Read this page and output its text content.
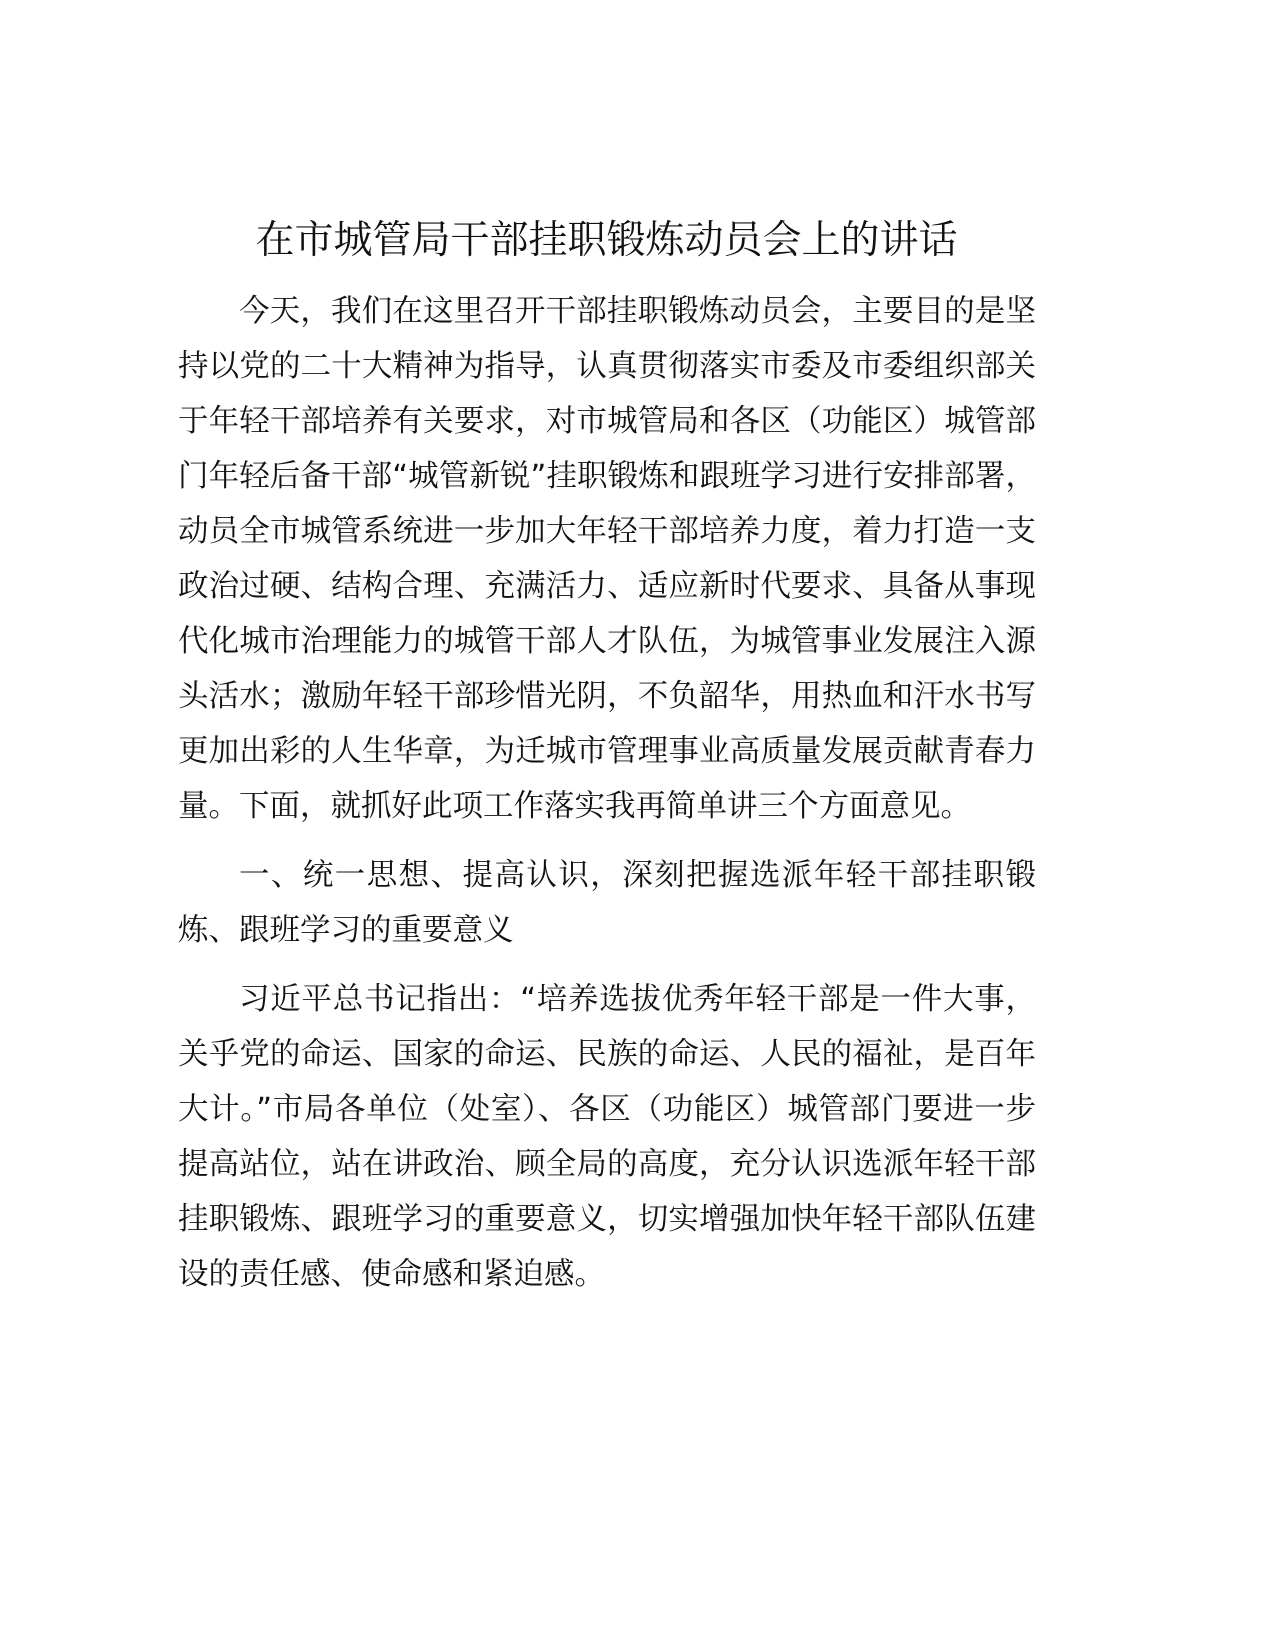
在市城管局干部挂职锻炼动员会上的讲话

今天，我们在这里召开干部挂职锻炼动员会，主要目的是坚持以党的二十大精神为指导，认真贯彻落实市委及市委组织部关于年轻干部培养有关要求，对市城管局和各区（功能区）城管部门年轻后备干部“城管新锐”挂职锻炼和跟班学习进行安排部署，动员全市城管系统进一步加大年轻干部培养力度，着力打造一支政治过硬、结构合理、充满活力、适应新时代要求、具备从事现代化城市治理能力的城管干部人才队伍，为城管事业发展注入源头活水；激励年轻干部珍惜光阴，不负韶华，用热血和汗水书写更加出彩的人生华章，为迁城市管理事业高质量发展贡献青春力量。下面，就抓好此项工作落实我再简单讲三个方面意见。

一、统一思想、提高认识，深刻把握选派年轻干部挂职锻炼、跟班学习的重要意义

习近平总书记指出：“培养选拔优秀年轻干部是一件大事，关乎党的命运、国家的命运、民族的命运、人民的福祉，是百年大计。”市局各单位（处室）、各区（功能区）城管部门要进一步提高站位，站在讲政治、顾全局的高度，充分认识选派年轻干部挂职锻炼、跟班学习的重要意义，切实增强加快年轻干部队伍建设的责任感、使命感和紧迫感。
